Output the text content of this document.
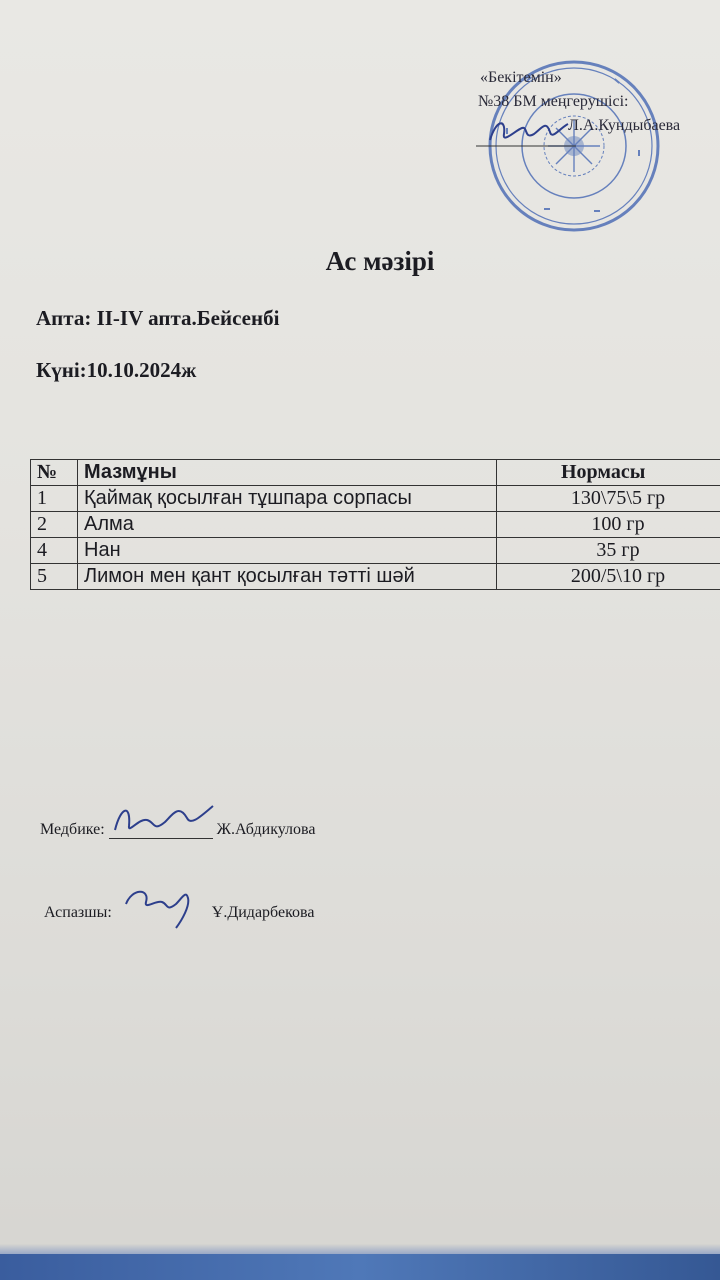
«Бекітемін»
№38 БМ меңгерушісі:
Л.А.Кундыбаева
Ас мәзірі
Апта: II-IV апта.Бейсенбі
Күні:10.10.2024ж
№	Мазмұны	Нормасы
1	Қаймақ қосылған тұшпара сорпасы	130\75\5 гр
2	Алма	100 гр
4	Нан	35 гр
5	Лимон мен қант қосылған тәтті шәй	200/5\10 гр
Медбике:	Ж.Абдикулова
Аспазшы:	Ұ.Дидарбекова
